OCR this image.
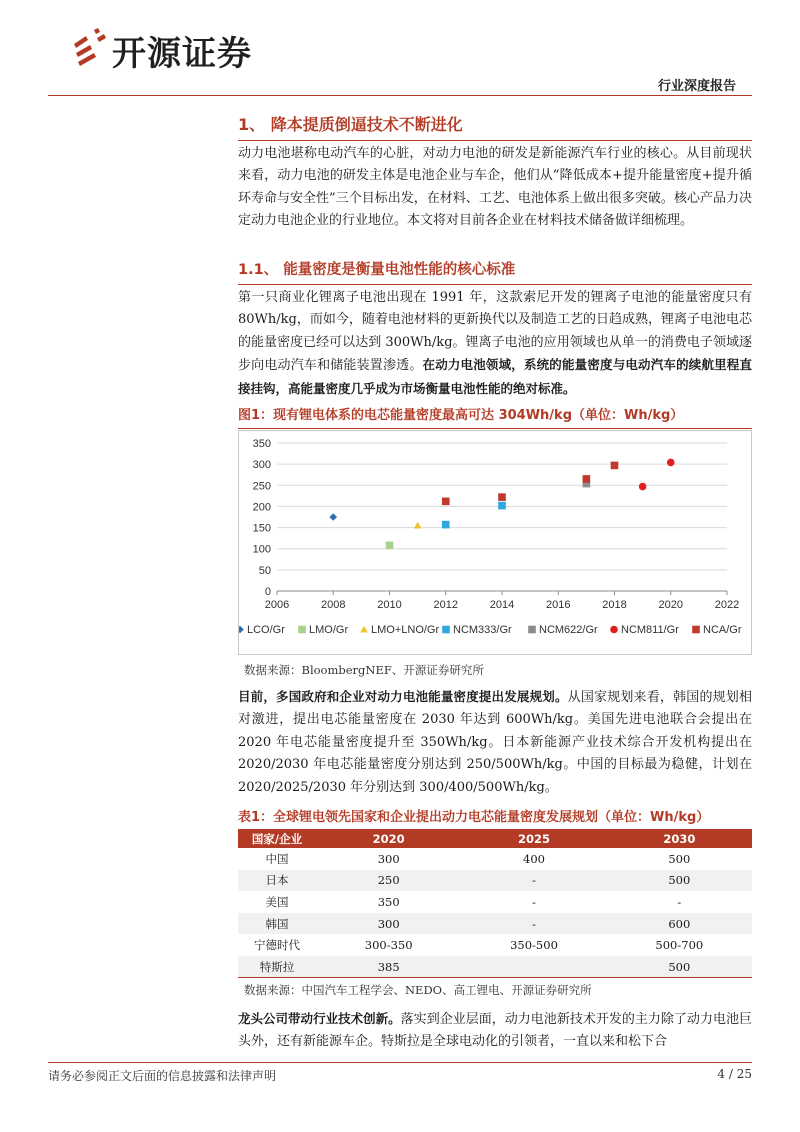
开源证券
行业深度报告
1、 降本提质倒逼技术不断进化

动力电池堪称电动汽车的心脏，对动力电池的研发是新能源汽车行业的核心。从目前现状来看，动力电池的研发主体是电池企业与车企，他们从“降低成本+提升能量密度+提升循环寿命与安全性”三个目标出发，在材料、工艺、电池体系上做出很多突破。核心产品力决定动力电池企业的行业地位。本文将对目前各企业在材料技术储备做详细梳理。

1.1、 能量密度是衡量电池性能的核心标准

第一只商业化锂离子电池出现在 1991 年，这款索尼开发的锂离子电池的能量密度只有 80Wh/kg，而如今，随着电池材料的更新换代以及制造工艺的日趋成熟，锂离子电池电芯的能量密度已经可以达到 300Wh/kg。锂离子电池的应用领域也从单一的消费电子领域逐步向电动汽车和储能装置渗透。在动力电池领域，系统的能量密度与电动汽车的续航里程直接挂钩，高能量密度几乎成为市场衡量电池性能的绝对标准。

图1：现有锂电体系的电芯能量密度最高可达 304Wh/kg（单位：Wh/kg）
0
50
100
150
200
250
300
350
2006	2008	2010	2012	2014	2016	2018	2020	2022
LCO/Gr LMO/Gr LMO+LNO/Gr NCM333/Gr NCM622/Gr NCM811/Gr NCA/Gr
数据来源：BloombergNEF、开源证券研究所

目前，多国政府和企业对动力电池能量密度提出发展规划。从国家规划来看，韩国的规划相对激进，提出电芯能量密度在 2030 年达到 600Wh/kg。美国先进电池联合会提出在 2020 年电芯能量密度提升至 350Wh/kg。日本新能源产业技术综合开发机构提出在 2020/2030 年电芯能量密度分别达到 250/500Wh/kg。中国的目标最为稳健，计划在 2020/2025/2030 年分别达到 300/400/500Wh/kg。

表1：全球锂电领先国家和企业提出动力电芯能量密度发展规划（单位：Wh/kg）
国家/企业	2020	2025	2030
中国	300	400	500
日本	250	-	500
美国	350	-	-
韩国	300	-	600
宁德时代	300-350	350-500	500-700
特斯拉	385		500
数据来源：中国汽车工程学会、NEDO、高工锂电、开源证券研究所

龙头公司带动行业技术创新。落实到企业层面，动力电池新技术开发的主力除了动力电池巨头外，还有新能源车企。特斯拉是全球电动化的引领者，一直以来和松下合

请务必参阅正文后面的信息披露和法律声明	4 / 25
